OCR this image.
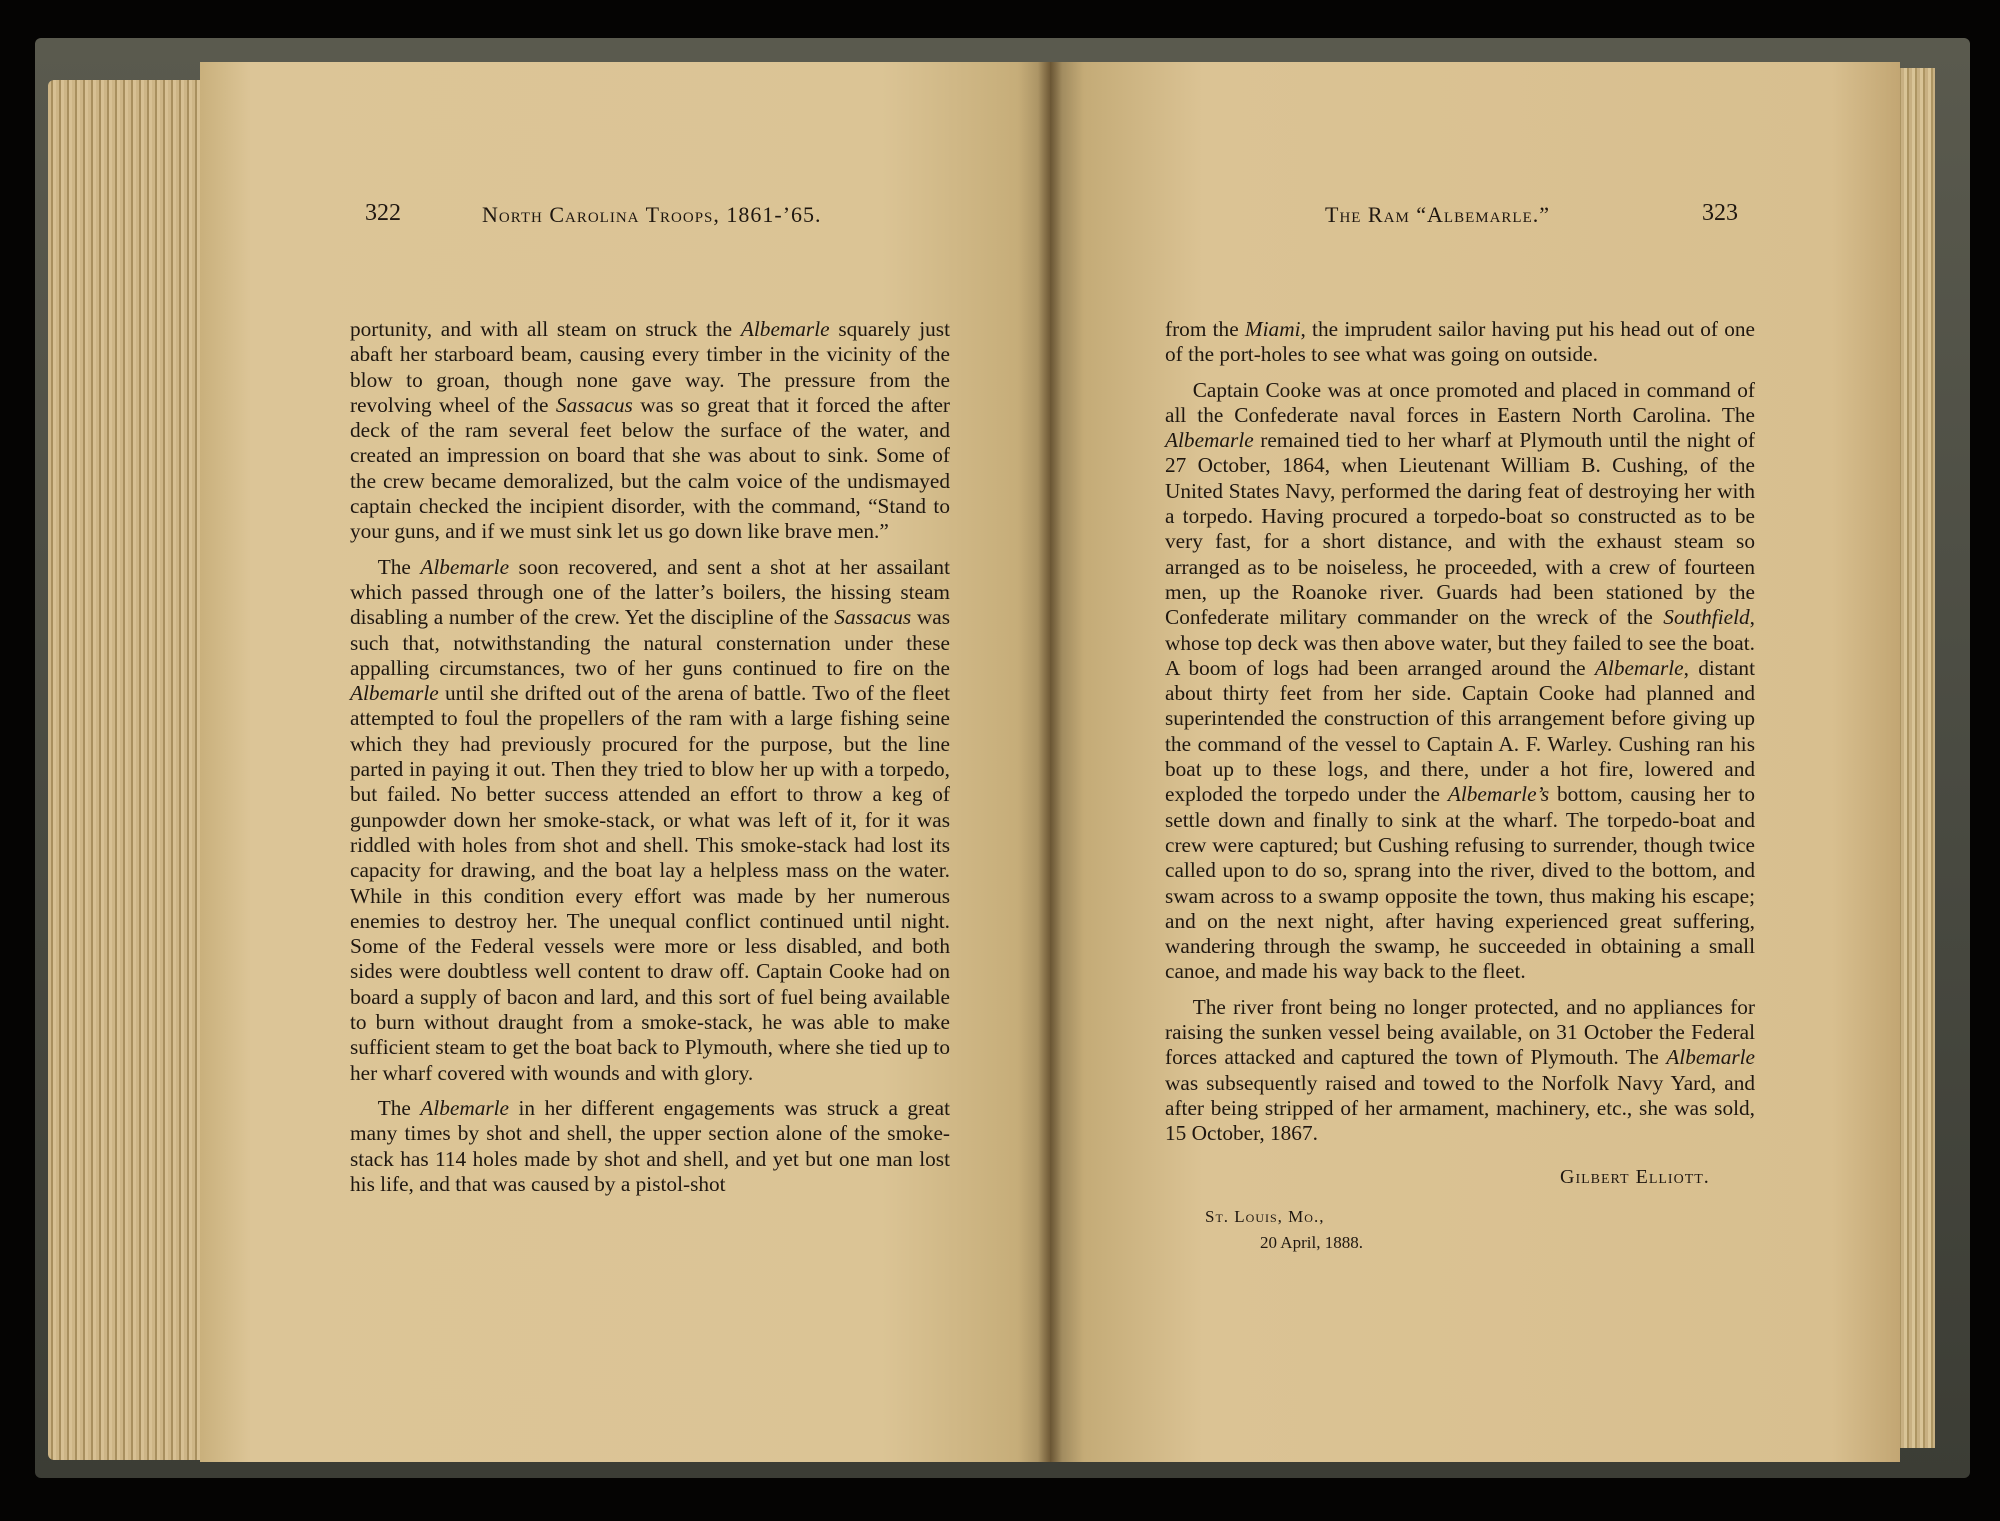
322	North Carolina Troops, 1861-’65.

portunity, and with all steam on struck the Albemarle squarely just abaft her starboard beam, causing every timber in the vicinity of the blow to groan, though none gave way. The pressure from the revolving wheel of the Sassacus was so great that it forced the after deck of the ram several feet below the surface of the water, and created an impression on board that she was about to sink. Some of the crew became demoralized, but the calm voice of the undismayed captain checked the incipient disorder, with the command, “Stand to your guns, and if we must sink let us go down like brave men.”

The Albemarle soon recovered, and sent a shot at her assailant which passed through one of the latter’s boilers, the hissing steam disabling a number of the crew. Yet the discipline of the Sassacus was such that, notwithstanding the natural consternation under these appalling circumstances, two of her guns continued to fire on the Albemarle until she drifted out of the arena of battle. Two of the fleet attempted to foul the propellers of the ram with a large fishing seine which they had previously procured for the purpose, but the line parted in paying it out. Then they tried to blow her up with a torpedo, but failed. No better success attended an effort to throw a keg of gunpowder down her smoke-stack, or what was left of it, for it was riddled with holes from shot and shell. This smoke-stack had lost its capacity for drawing, and the boat lay a helpless mass on the water. While in this condition every effort was made by her numerous enemies to destroy her. The unequal conflict continued until night. Some of the Federal vessels were more or less disabled, and both sides were doubtless well content to draw off. Captain Cooke had on board a supply of bacon and lard, and this sort of fuel being available to burn without draught from a smoke-stack, he was able to make sufficient steam to get the boat back to Plymouth, where she tied up to her wharf covered with wounds and with glory.

The Albemarle in her different engagements was struck a great many times by shot and shell, the upper section alone of the smoke-stack has 114 holes made by shot and shell, and yet but one man lost his life, and that was caused by a pistol-shot

The Ram “Albemarle.”	323

from the Miami, the imprudent sailor having put his head out of one of the port-holes to see what was going on outside.

Captain Cooke was at once promoted and placed in command of all the Confederate naval forces in Eastern North Carolina. The Albemarle remained tied to her wharf at Plymouth until the night of 27 October, 1864, when Lieutenant William B. Cushing, of the United States Navy, performed the daring feat of destroying her with a torpedo. Having procured a torpedo-boat so constructed as to be very fast, for a short distance, and with the exhaust steam so arranged as to be noiseless, he proceeded, with a crew of fourteen men, up the Roanoke river. Guards had been stationed by the Confederate military commander on the wreck of the Southfield, whose top deck was then above water, but they failed to see the boat. A boom of logs had been arranged around the Albemarle, distant about thirty feet from her side. Captain Cooke had planned and superintended the construction of this arrangement before giving up the command of the vessel to Captain A. F. Warley. Cushing ran his boat up to these logs, and there, under a hot fire, lowered and exploded the torpedo under the Albemarle’s bottom, causing her to settle down and finally to sink at the wharf. The torpedo-boat and crew were captured; but Cushing refusing to surrender, though twice called upon to do so, sprang into the river, dived to the bottom, and swam across to a swamp opposite the town, thus making his escape; and on the next night, after having experienced great suffering, wandering through the swamp, he succeeded in obtaining a small canoe, and made his way back to the fleet.

The river front being no longer protected, and no appliances for raising the sunken vessel being available, on 31 October the Federal forces attacked and captured the town of Plymouth. The Albemarle was subsequently raised and towed to the Norfolk Navy Yard, and after being stripped of her armament, machinery, etc., she was sold, 15 October, 1867.

Gilbert Elliott.
St. Louis, Mo.,
20 April, 1888.
